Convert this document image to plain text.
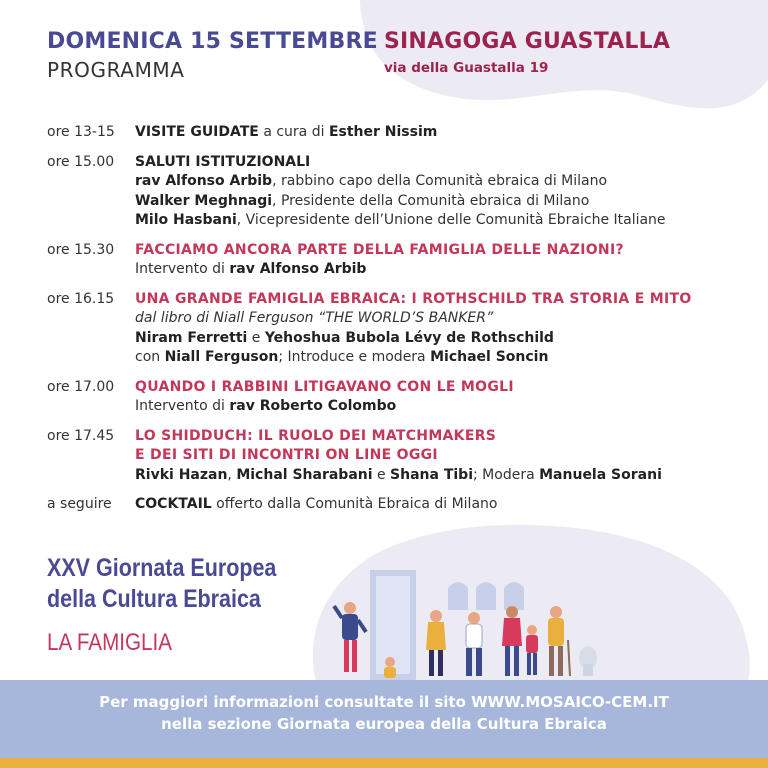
DOMENICA 15 SETTEMBRE
PROGRAMMA
SINAGOGA GUASTALLA
via della Guastalla 19
ore 13-15	VISITE GUIDATE a cura di Esther Nissim
ore 15.00	SALUTI ISTITUZIONALI
rav Alfonso Arbib, rabbino capo della Comunità ebraica di Milano
Walker Meghnagi, Presidente della Comunità ebraica di Milano
Milo Hasbani, Vicepresidente dell’Unione delle Comunità Ebraiche Italiane
ore 15.30	FACCIAMO ANCORA PARTE DELLA FAMIGLIA DELLE NAZIONI?
Intervento di rav Alfonso Arbib
ore 16.15	UNA GRANDE FAMIGLIA EBRAICA: I ROTHSCHILD TRA STORIA E MITO
dal libro di Niall Ferguson “THE WORLD’S BANKER”
Niram Ferretti e Yehoshua Bubola Lévy de Rothschild
con Niall Ferguson; Introduce e modera Michael Soncin
ore 17.00	QUANDO I RABBINI LITIGAVANO CON LE MOGLI
Intervento di rav Roberto Colombo
ore 17.45	LO SHIDDUCH: IL RUOLO DEI MATCHMAKERS
E DEI SITI DI INCONTRI ON LINE OGGI
Rivki Hazan, Michal Sharabani e Shana Tibi; Modera Manuela Sorani
a seguire	COCKTAIL offerto dalla Comunità Ebraica di Milano
XXV Giornata Europea
della Cultura Ebraica
LA FAMIGLIA
Per maggiori informazioni consultate il sito WWW.MOSAICO-CEM.IT
nella sezione Giornata europea della Cultura Ebraica
